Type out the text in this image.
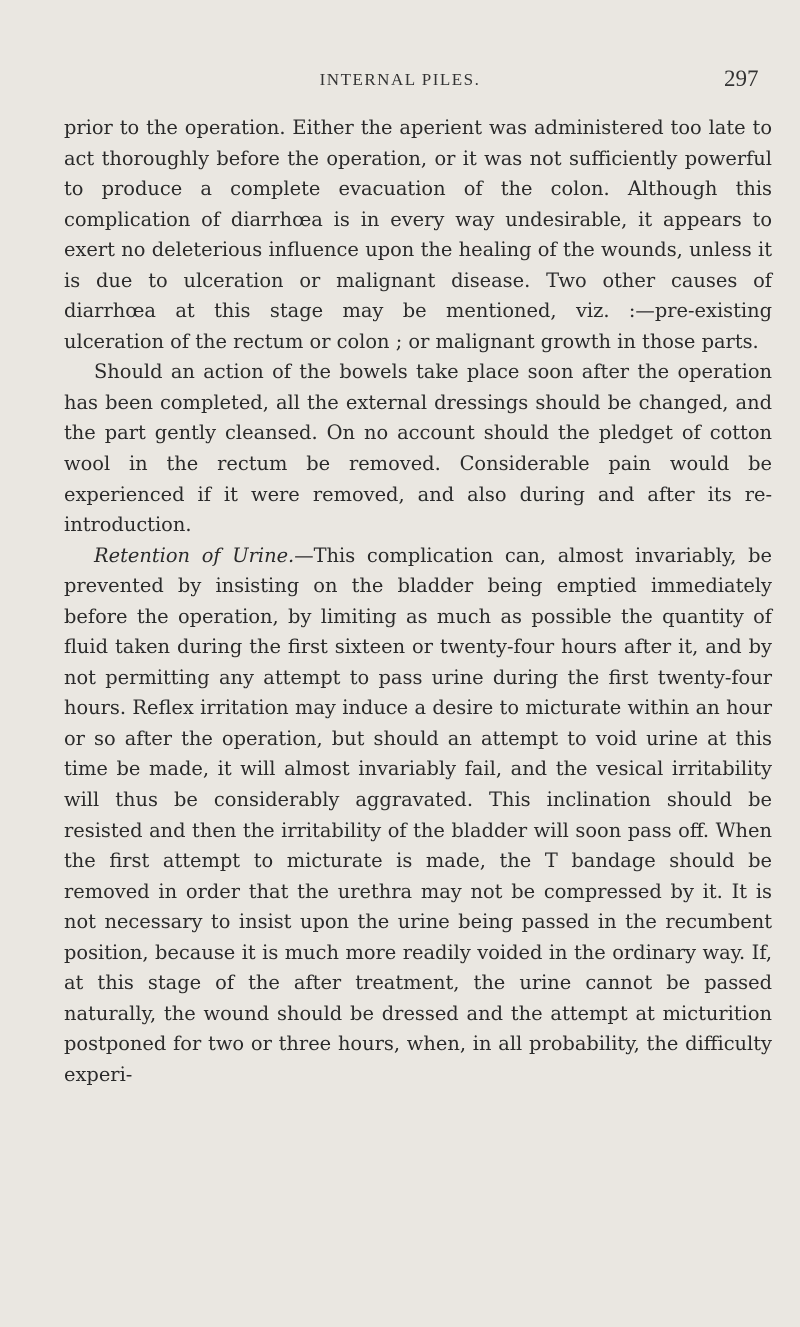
INTERNAL PILES.	297

prior to the operation. Either the aperient was administered too late to act thoroughly before the operation, or it was not sufficiently powerful to produce a complete evacuation of the colon. Although this complication of diarrhœa is in every way undesirable, it appears to exert no deleterious influence upon the healing of the wounds, unless it is due to ulceration or malignant disease. Two other causes of diarrhœa at this stage may be mentioned, viz. :—pre-existing ulceration of the rectum or colon ; or malignant growth in those parts.

Should an action of the bowels take place soon after the operation has been completed, all the external dressings should be changed, and the part gently cleansed. On no account should the pledget of cotton wool in the rectum be removed. Considerable pain would be experienced if it were removed, and also during and after its re-introduction.

Retention of Urine.—This complication can, almost invariably, be prevented by insisting on the bladder being emptied immediately before the operation, by limiting as much as possible the quantity of fluid taken during the first sixteen or twenty-four hours after it, and by not permitting any attempt to pass urine during the first twenty-four hours. Reflex irritation may induce a desire to micturate within an hour or so after the operation, but should an attempt to void urine at this time be made, it will almost invariably fail, and the vesical irritability will thus be considerably aggravated. This inclination should be resisted and then the irritability of the bladder will soon pass off. When the first attempt to micturate is made, the T bandage should be removed in order that the urethra may not be compressed by it. It is not necessary to insist upon the urine being passed in the recumbent position, because it is much more readily voided in the ordinary way. If, at this stage of the after treatment, the urine cannot be passed naturally, the wound should be dressed and the attempt at micturition postponed for two or three hours, when, in all probability, the difficulty experi-
